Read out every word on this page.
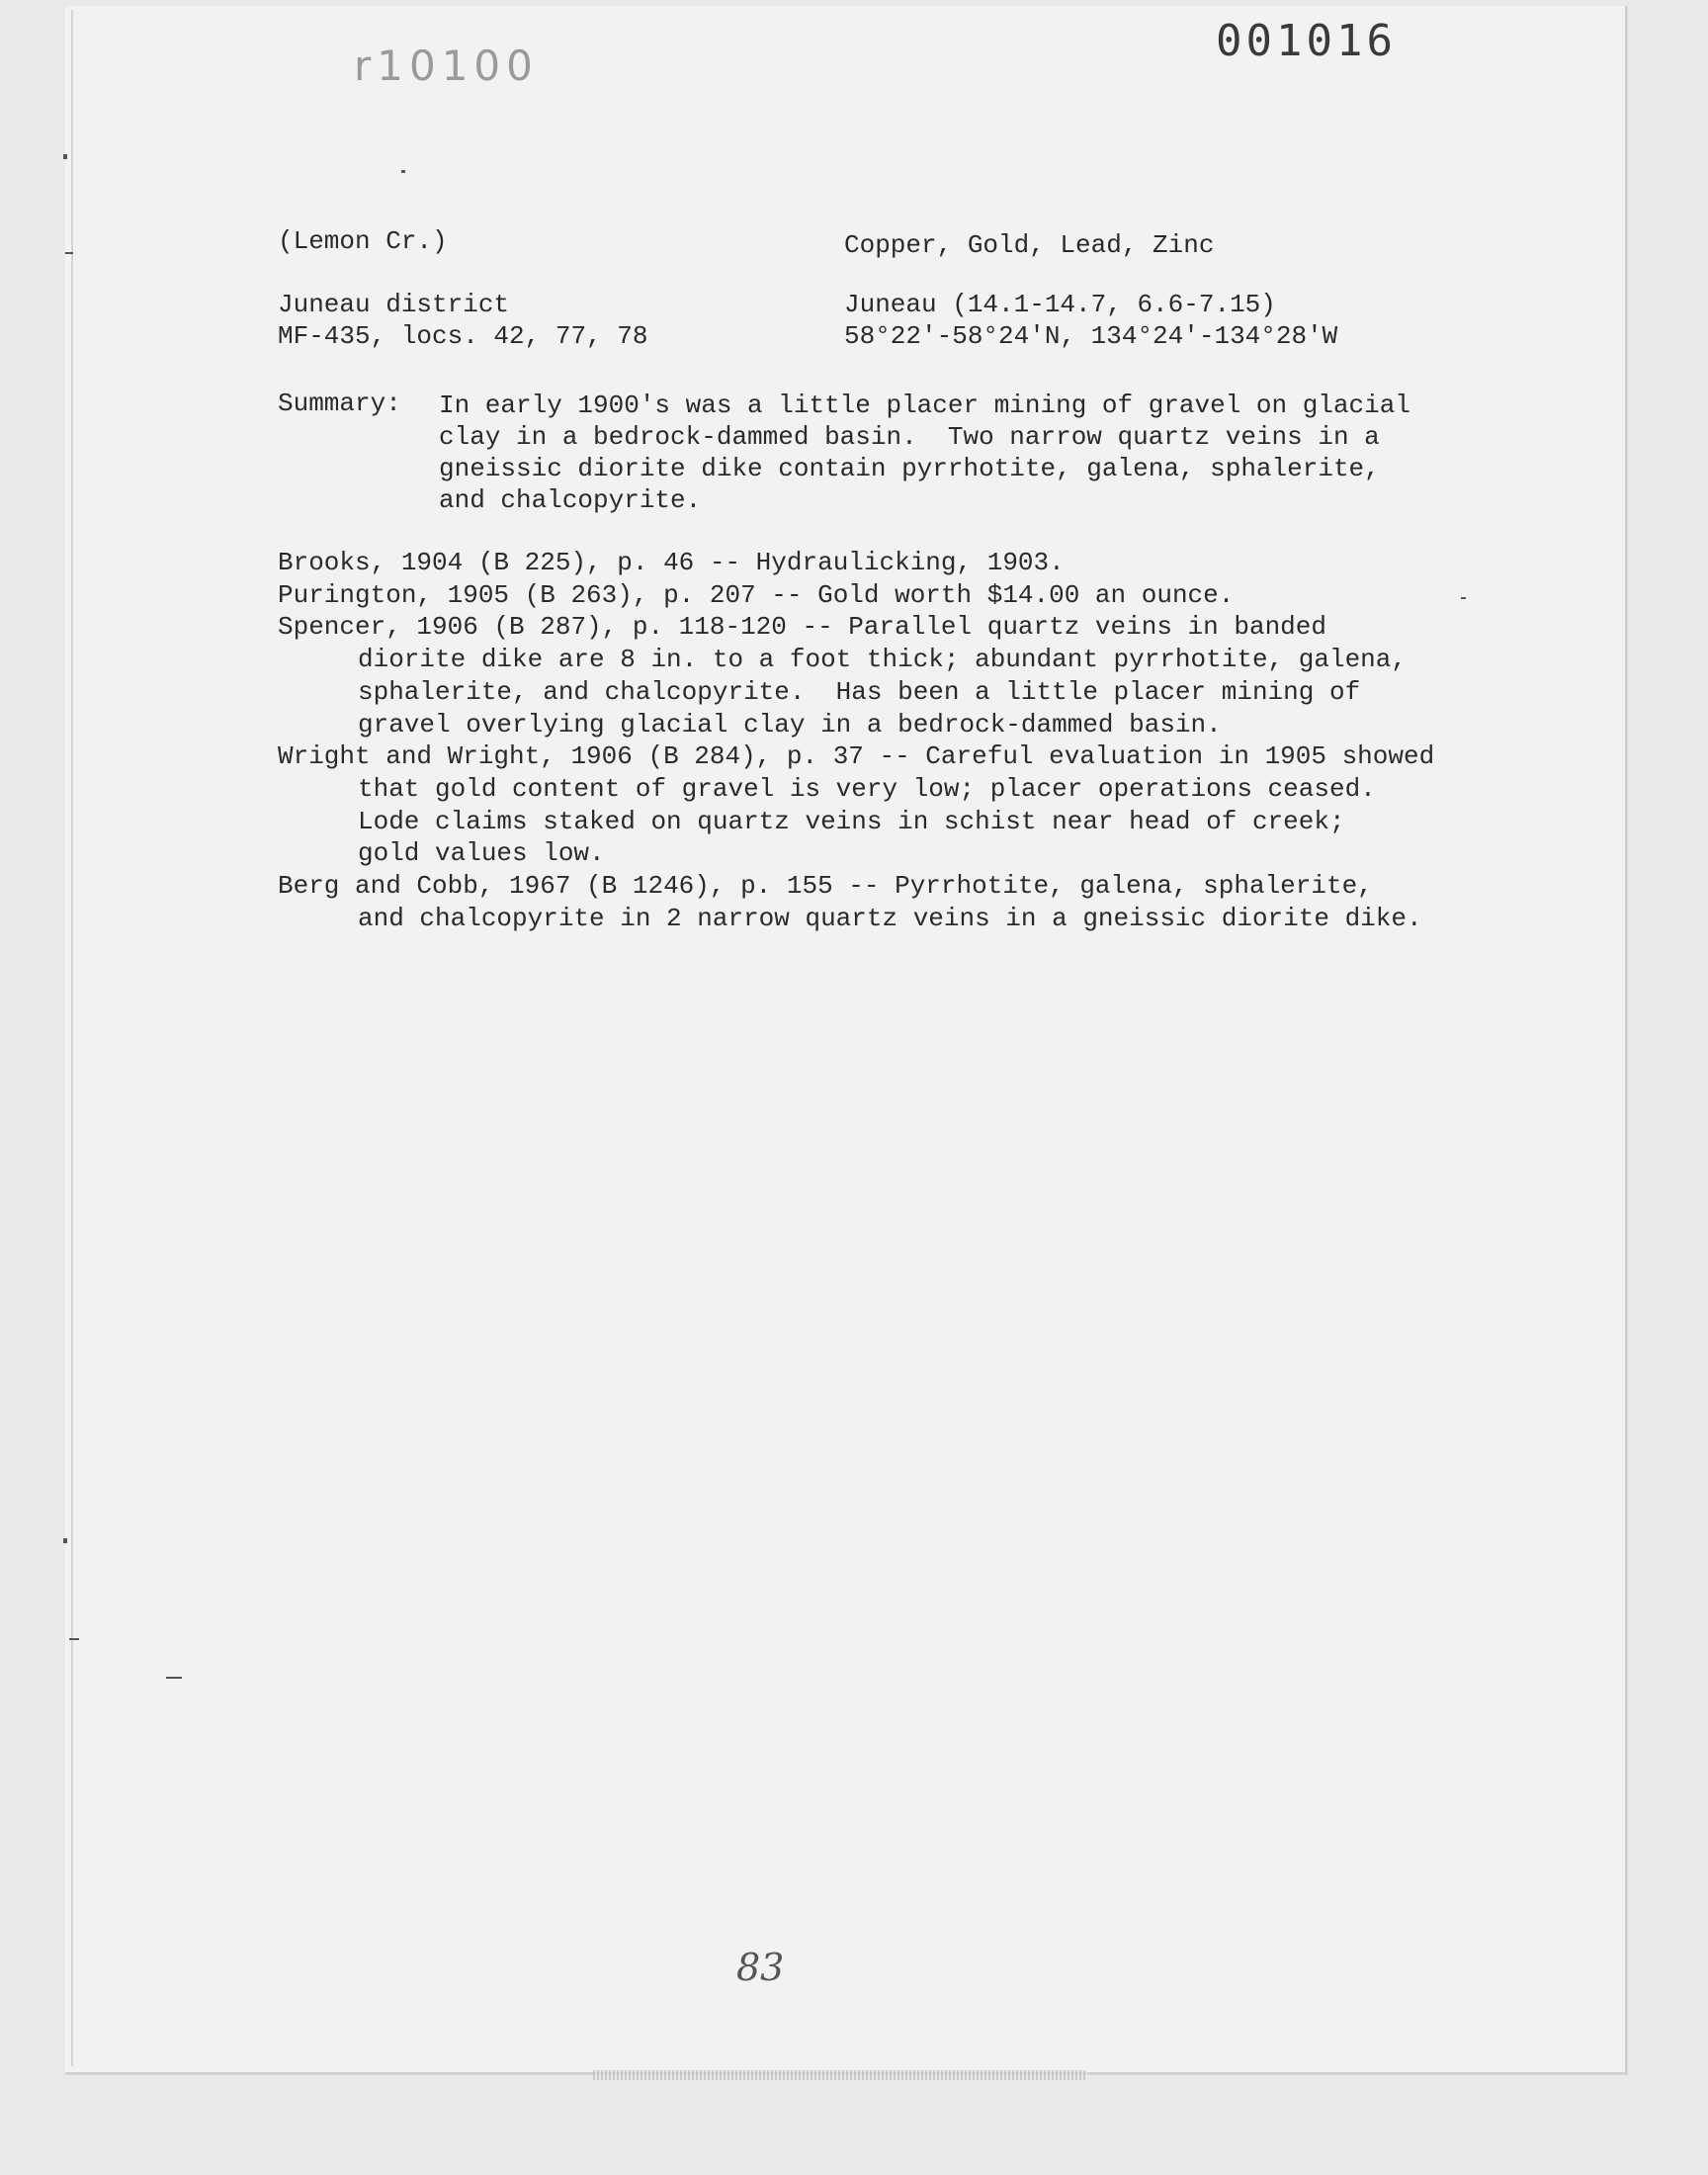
r10100	001016
(Lemon Cr.)	Copper, Gold, Lead, Zinc
Juneau district	Juneau (14.1-14.7, 6.6-7.15)
MF-435, locs. 42, 77, 78	58°22'-58°24'N, 134°24'-134°28'W
Summary: In early 1900's was a little placer mining of gravel on glacial
clay in a bedrock-dammed basin.  Two narrow quartz veins in a
gneissic diorite dike contain pyrrhotite, galena, sphalerite,
and chalcopyrite.
Brooks, 1904 (B 225), p. 46 -- Hydraulicking, 1903.
Purington, 1905 (B 263), p. 207 -- Gold worth $14.00 an ounce.
Spencer, 1906 (B 287), p. 118-120 -- Parallel quartz veins in banded
diorite dike are 8 in. to a foot thick; abundant pyrrhotite, galena,
sphalerite, and chalcopyrite.  Has been a little placer mining of
gravel overlying glacial clay in a bedrock-dammed basin.
Wright and Wright, 1906 (B 284), p. 37 -- Careful evaluation in 1905 showed
that gold content of gravel is very low; placer operations ceased.
Lode claims staked on quartz veins in schist near head of creek;
gold values low.
Berg and Cobb, 1967 (B 1246), p. 155 -- Pyrrhotite, galena, sphalerite,
and chalcopyrite in 2 narrow quartz veins in a gneissic diorite dike.
83
